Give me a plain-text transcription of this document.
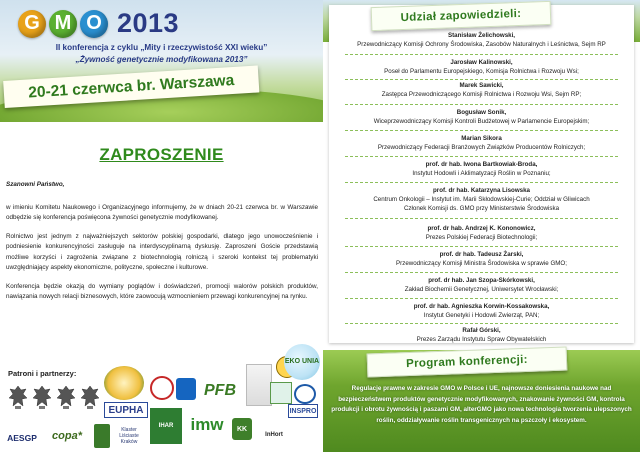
G M O 2013
II konferencja z cyklu „Mity i rzeczywistość XXI wieku”
„Żywność genetycznie modyfikowana 2013”
20-21 czerwca br. Warszawa
ZAPROSZENIE
Szanowni Państwo,

w imieniu Komitetu Naukowego i Organizacyjnego informujemy, że w dniach 20-21 czerwca br. w Warszawie odbędzie się konferencja poświęcona żywności genetycznie modyfikowanej.

Rolnictwo jest jednym z najważniejszych sektorów polskiej gospodarki, dlatego jego unowocześnienie i podniesienie konkurencyjności zasługuje na interdyscyplinarną dyskusję. Zaproszeni Goście przedstawią możliwe korzyści i zagrożenia związane z biotechnologią rolniczą i szeroki kontekst tej problematyki uwzględniający aspekty ekonomiczne, polityczne, społeczne i kulturowe.

Konferencja będzie okazją do wymiany poglądów i doświadczeń, promocji walorów polskich produktów, nawiązania nowych relacji biznesowych, które zaowocują wzmocnieniem przewagi konkurencyjnej na rynku.

Patroni i partnerzy:
EUPHA
PFB
EKO UNIA
AESGP copa*	Klaster Liściaste Kraków
IHAR imw KK
InHort
INSPRO
Udział zapowiedzieli:
Stanisław Żelichowski,
Przewodniczący Komisji Ochrony Środowiska, Zasobów Naturalnych i Leśnictwa, Sejm RP
Jarosław Kalinowski,
Poseł do Parlamentu Europejskiego, Komisja Rolnictwa i Rozwoju Wsi;
Marek Sawicki,
Zastępca Przewodniczącego Komisji Rolnictwa i Rozwoju Wsi, Sejm RP;
Bogusław Sonik,
Wiceprzewodniczący Komisji Kontroli Budżetowej w Parlamencie Europejskim;
Marian Sikora
Przewodniczący Federacji Branżowych Związków Producentów Rolniczych;
prof. dr hab. Iwona Bartkowiak-Broda,
Instytut Hodowli i Aklimatyzacji Roślin w Poznaniu;
prof. dr hab. Katarzyna Lisowska
Centrum Onkologii – Instytut im. Marii Skłodowskiej-Curie; Oddział w Gliwicach
Członek Komisji ds. GMO przy Ministerstwie Środowiska
prof. dr hab. Andrzej K. Kononowicz,
Prezes Polskiej Federacji Biotechnologii;
prof. dr hab. Tadeusz Żarski,
Przewodniczący Komisji Ministra Środowiska w sprawie GMO;
prof. dr hab. Jan Szopa-Skórkowski,
Zakład Biochemii Genetycznej, Uniwersytet Wrocławski;
prof. dr hab. Agnieszka Korwin-Kossakowska,
Instytut Genetyki i Hodowli Zwierząt, PAN;
Rafał Górski,
Prezes Zarządu Instytutu Spraw Obywatelskich
Program konferencji:
Regulacje prawne w zakresie GMO w Polsce i UE, najnowsze doniesienia naukowe nad bezpieczeństwem produktów genetycznie modyfikowanych, znakowanie żywności GM, kontrola produkcji i obrotu żywnością i paszami GM, alterGMO jako nowa technologia tworzenia ulepszonych roślin, oddziaływanie roślin transgenicznych na pszczoły i ekosystem.
